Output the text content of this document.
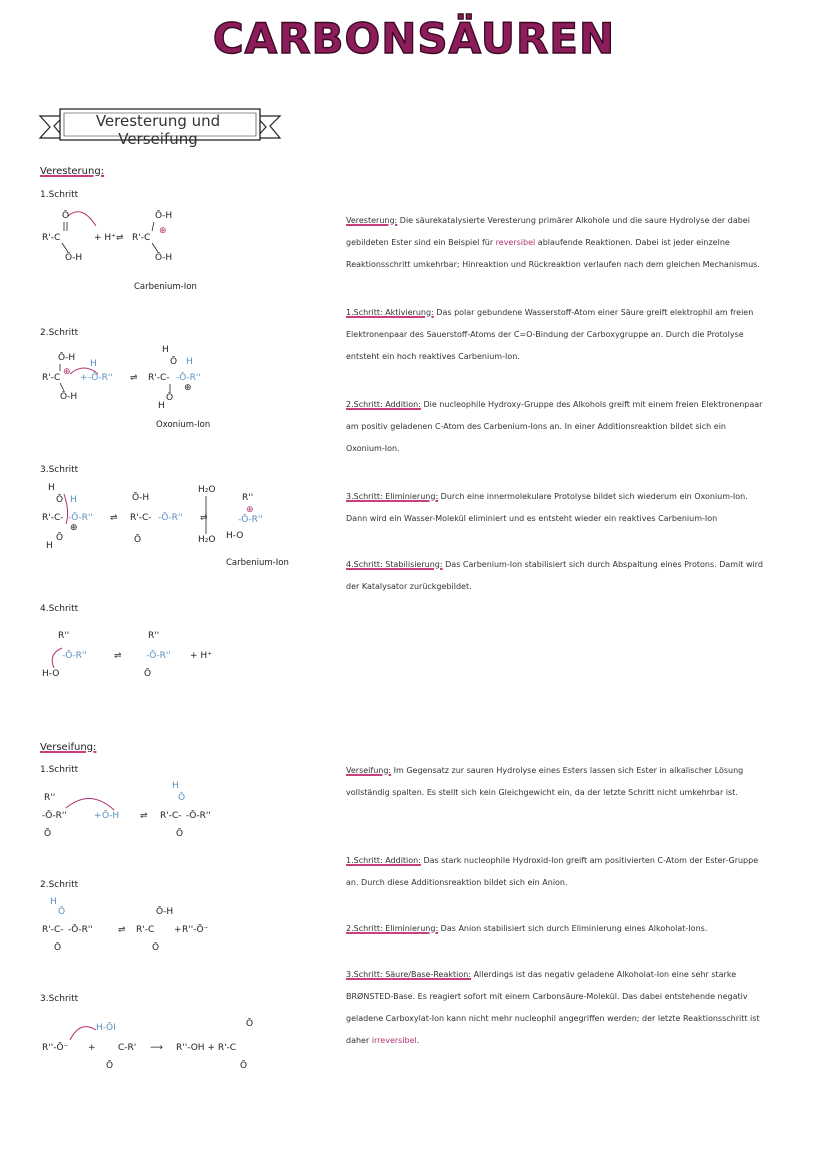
CARBONSÄUREN
Veresterung und Verseifung
Veresterung:
1.Schritt
2.Schritt
3.Schritt
4.Schritt
Ō
R'-C
Ō-H
+ H⁺ ⇌
Ō-H
R'-C
⊕
Ō-H
Carbenium-Ion
Ō-H
R'-C
⊕
Ō-H
H
+ -Ō-R'' ⇌
H
Ō H
R'-C- -Ō-R''
⊕
Ō
H
Oxonium-Ion
H
Ō H
R'-C- -Ō-R''
⊕
Ō
H
⇌
Ō-H
R'-C- -Ō-R''
Ō
H₂O
H₂O
⇌
R''
⊕
-Ō-R''
H-O
Carbenium-Ion
R''
-Ō-R''
H-O
⇌
R''
-Ō-R'' + H⁺
Ō
Verseifung:
1.Schritt
2.Schritt
3.Schritt
R''
-Ō-R''	+ Ō-H ⇌
H
Ō
R'-C- -Ō-R''
Ō
Ō
H
Ō
R'-C- -Ō-R''
Ō
⇌
Ō-H
R'-C + R''-Ō⁻
Ō
R''-Ō⁻ +
H-ŌI
C-R'
Ō
⟶ R''-OH + R'-C
Ō
Ō
Veresterung: Die säurekatalysierte Veresterung primärer Alkohole und die saure Hydrolyse der dabei gebildeten Ester sind ein Beispiel für reversibel ablaufende Reaktionen. Dabei ist jeder einzelne Reaktionsschritt umkehrbar; Hinreaktion und Rückreaktion verlaufen nach dem gleichen Mechanismus.
1.Schritt: Aktivierung: Das polar gebundene Wasserstoff-Atom einer Säure greift elektrophil am freien Elektronenpaar des Sauerstoff-Atoms der C=O-Bindung der Carboxygruppe an. Durch die Protolyse entsteht ein hoch reaktives Carbenium-Ion.
2.Schritt: Addition: Die nucleophile Hydroxy-Gruppe des Alkohols greift mit einem freien Elektronenpaar am positiv geladenen C-Atom des Carbenium-Ions an. In einer Additionsreaktion bildet sich ein Oxonium-Ion.
3.Schritt: Eliminierung: Durch eine innermolekulare Protolyse bildet sich wiederum ein Oxonium-Ion. Dann wird ein Wasser-Molekül eliminiert und es entsteht wieder ein reaktives Carbenium-Ion
4.Schritt: Stabilisierung: Das Carbenium-Ion stabilisiert sich durch Abspaltung eines Protons. Damit wird der Katalysator zurückgebildet.
Verseifung: Im Gegensatz zur sauren Hydrolyse eines Esters lassen sich Ester in alkalischer Lösung vollständig spalten. Es stellt sich kein Gleichgewicht ein, da der letzte Schritt nicht umkehrbar ist.
1.Schritt: Addition: Das stark nucleophile Hydroxid-Ion greift am positivierten C-Atom der Ester-Gruppe an. Durch diese Additionsreaktion bildet sich ein Anion.
2.Schritt: Eliminierung: Das Anion stabilisiert sich durch Eliminierung eines Alkoholat-Ions.
3.Schritt: Säure/Base-Reaktion: Allerdings ist das negativ geladene Alkoholat-Ion eine sehr starke BRØNSTED-Base. Es reagiert sofort mit einem Carbonsäure-Molekül. Das dabei entstehende negativ geladene Carboxylat-Ion kann nicht mehr nucleophil angegriffen werden; der letzte Reaktionsschritt ist daher irreversibel.
